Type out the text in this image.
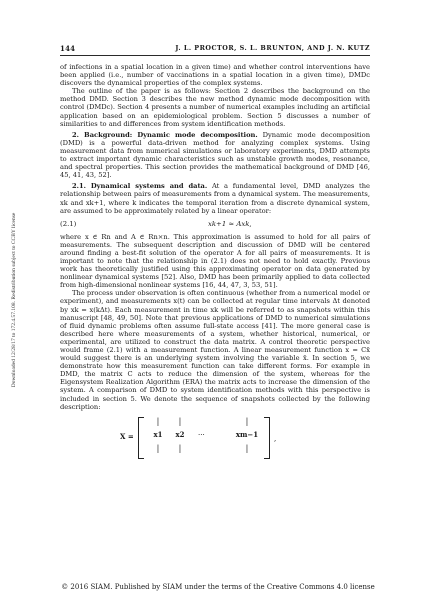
144	J. L. PROCTOR, S. L. BRUNTON, AND J. N. KUTZ
Downloaded 12/28/17 to 172.4.57.108. Redistribution subject to CCBY license

of infections in a spatial location in a given time) and whether control interventions have been applied (i.e., number of vaccinations in a spatial location in a given time), DMDc discovers the dynamical properties of the complex systems.

The outline of the paper is as follows: Section 2 describes the background on the method DMD. Section 3 describes the new method dynamic mode decomposition with control (DMDc). Section 4 presents a number of numerical examples including an artificial application based on an epidemiological problem. Section 5 discusses a number of similarities to and differences from system identification methods.

2. Background: Dynamic mode decomposition. Dynamic mode decomposition (DMD) is a powerful data-driven method for analyzing complex systems. Using measurement data from numerical simulations or laboratory experiments, DMD attempts to extract important dynamic characteristics such as unstable growth modes, resonance, and spectral properties. This section provides the mathematical background of DMD [46, 45, 41, 43, 52].

2.1. Dynamical systems and data. At a fundamental level, DMD analyzes the relationship between pairs of measurements from a dynamical system. The measurements, xk and xk+1, where k indicates the temporal iteration from a discrete dynamical system, are assumed to be approximately related by a linear operator:

(2.1)	xk+1 ≈ Axk,

where x ∈ Rn and A ∈ Rn×n. This approximation is assumed to hold for all pairs of measurements. The subsequent description and discussion of DMD will be centered around finding a best-fit solution of the operator A for all pairs of measurements. It is important to note that the relationship in (2.1) does not need to hold exactly. Previous work has theoretically justified using this approximating operator on data generated by nonlinear dynamical systems [52]. Also, DMD has been primarily applied to data collected from high-dimensional nonlinear systems [16, 44, 47, 3, 53, 51].

The process under observation is often continuous (whether from a numerical model or experiment), and measurements x(t) can be collected at regular time intervals Δt denoted by xk = x(kΔt). Each measurement in time xk will be referred to as snapshots within this manuscript [48, 49, 50]. Note that previous applications of DMD to numerical simulations of fluid dynamic problems often assume full-state access [41]. The more general case is described here where measurements of a system, whether historical, numerical, or experimental, are utilized to construct the data matrix. A control theoretic perspective would frame (2.1) with a measurement function. A linear measurement function x = Cx̄ would suggest there is an underlying system involving the variable x̄. In section 5, we demonstrate how this measurement function can take different forms. For example in DMD, the matrix C acts to reduce the dimension of the system, whereas for the Eigensystem Realization Algorithm (ERA) the matrix acts to increase the dimension of the system. A comparison of DMD to system identification methods with this perspective is included in section 5. We denote the sequence of snapshots collected by the following description:

X =
|
x1
|
|
x2
|
...
|
xm−1
|
,
© 2016 SIAM. Published by SIAM under the terms of the Creative Commons 4.0 license
